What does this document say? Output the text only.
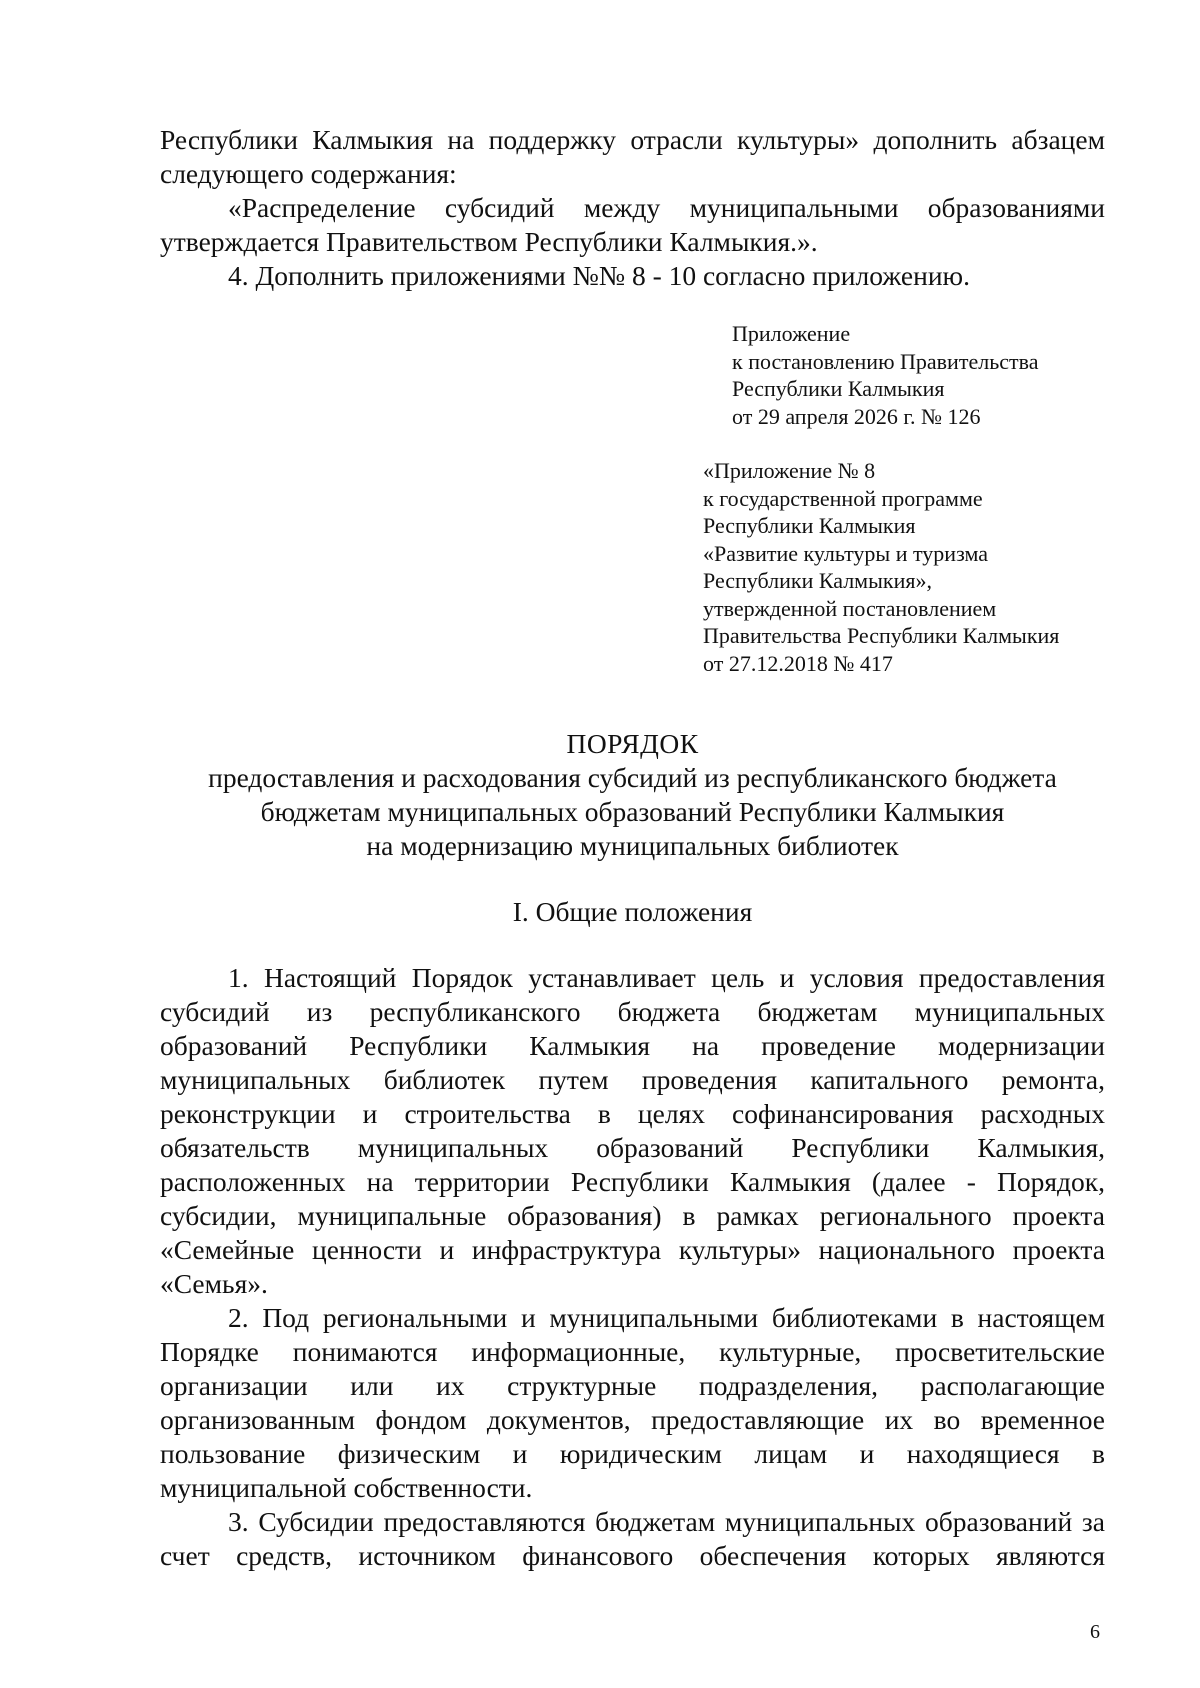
Республики Калмыкия на поддержку отрасли культуры» дополнить абзацем следующего содержания:

«Распределение субсидий между муниципальными образованиями утверждается Правительством Республики Калмыкия.».

4. Дополнить приложениями №№ 8 - 10 согласно приложению.

Приложение
к постановлению Правительства
Республики Калмыкия
от 29 апреля 2026 г. № 126
«Приложение № 8
к государственной программе
Республики Калмыкия
«Развитие культуры и туризма
Республики Калмыкия»,
утвержденной постановлением
Правительства Республики Калмыкия
от 27.12.2018 № 417
ПОРЯДОК
предоставления и расходования субсидий из республиканского бюджета
бюджетам муниципальных образований Республики Калмыкия
на модернизацию муниципальных библиотек
I. Общие положения

1. Настоящий Порядок устанавливает цель и условия предоставления субсидий из республиканского бюджета бюджетам муниципальных образований Республики Калмыкия на проведение модернизации муниципальных библиотек путем проведения капитального ремонта, реконструкции и строительства в целях софинансирования расходных обязательств муниципальных образований Республики Калмыкия, расположенных на территории Республики Калмыкия (далее - Порядок, субсидии, муниципальные образования) в рамках регионального проекта «Семейные ценности и инфраструктура культуры» национального проекта «Семья».

2. Под региональными и муниципальными библиотеками в настоящем Порядке понимаются информационные, культурные, просветительские организации или их структурные подразделения, располагающие организованным фондом документов, предоставляющие их во временное пользование физическим и юридическим лицам и находящиеся в муниципальной собственности.

3. Субсидии предоставляются бюджетам муниципальных образований за счет средств, источником финансового обеспечения которых являются

6
